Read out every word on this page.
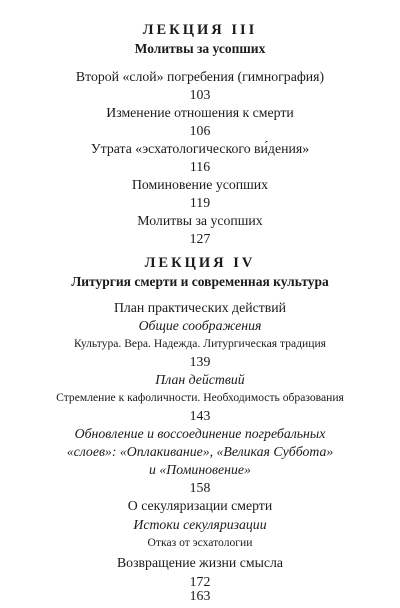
ЛЕКЦИЯ III
Молитвы за усопших
Второй «слой» погребения (гимнография)
103
Изменение отношения к смерти
106
Утрата «эсхатологического ви́дения»
116
Поминовение усопших
119
Молитвы за усопших
127
ЛЕКЦИЯ IV
Литургия смерти и современная культура
План практических действий
Общие соображения
Культура. Вера. Надежда. Литургическая традиция
139
План действий
Стремление к кафоличности. Необходимость образования
143
Обновление и воссоединение погребальных
«слоев»: «Оплакивание», «Великая Суббота»
и «Поминовение»
158
О секуляризации смерти
Истоки секуляризации
Отказ от эсхатологии
163
Возвращение жизни смысла
172
